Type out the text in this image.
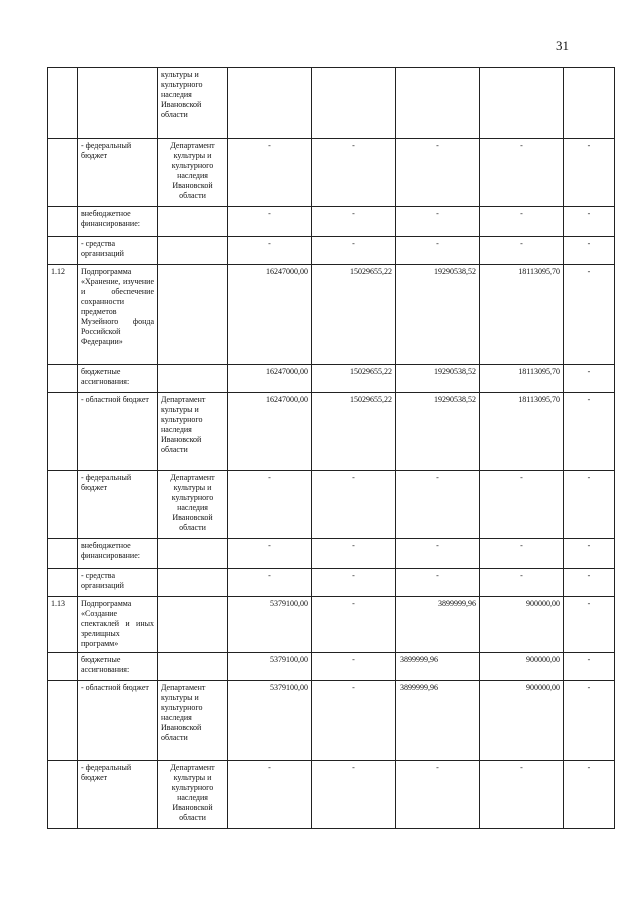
31
		культуры и культурного наследия Ивановской области					
	- федеральный бюджет	Департамент культуры и культурного наследия Ивановской области	-	-	-	-	-
	внебюджетное финансирование:		-	-	-	-	-
	- средства организаций		-	-	-	-	-
1.12	Подпрограмма «Хранение, изучение и обеспечение сохранности предметов Музейного фонда Российской Федерации»		16247000,00	15029655,22	19290538,52	18113095,70	-
	бюджетные ассигнования:		16247000,00	15029655,22	19290538,52	18113095,70	-
	- областной бюджет	Департамент культуры и культурного наследия Ивановской области	16247000,00	15029655,22	19290538,52	18113095,70	-
	- федеральный бюджет	Департамент культуры и культурного наследия Ивановской области	-	-	-	-	-
	внебюджетное финансирование:		-	-	-	-	-
	- средства организаций		-	-	-	-	-
1.13	Подпрограмма «Создание спектаклей и иных зрелищных программ»		5379100,00	-	3899999,96	900000,00	-
	бюджетные ассигнования:		5379100,00	-	3899999,96	900000,00	-
	- областной бюджет	Департамент культуры и культурного наследия Ивановской области	5379100,00	-	3899999,96	900000,00	-
	- федеральный бюджет	Департамент культуры и культурного наследия Ивановской области	-	-	-	-	-
